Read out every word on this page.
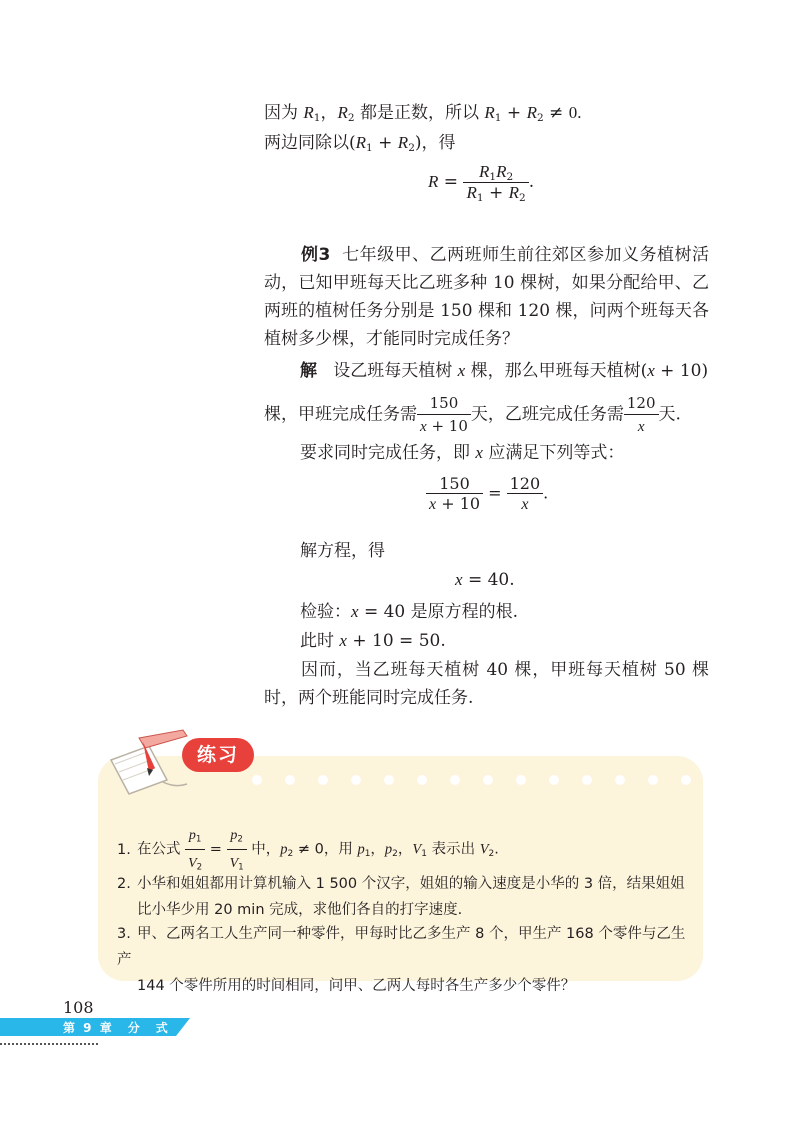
因为 $R_1$，$R_2$ 都是正数，所以 $R_1 + R_2 \ne 0$.
两边同除以$(R_1 + R_2)$，得
$R = \frac{R_1R_2}{R_1 + R_2}$ .
例3  七年级甲、乙两班师生前往郊区参加义务植树活动，已知甲班每天比乙班多种 10 棵树，如果分配给甲、乙两班的植树任务分别是 150 棵和 120 棵，问两个班每天各植树多少棵，才能同时完成任务？
解   设乙班每天植树 x 棵，那么甲班每天植树(x + 10)
棵，甲班完成任务需 $\frac{150}{x + 10}$ 天，乙班完成任务需 $\frac{120}{x}$ 天.
要求同时完成任务，即 x 应满足下列等式：
$\frac{150}{x + 10} = \frac{120}{x}$ .
解方程，得
x = 40.
检验：x = 40 是原方程的根.
此时 x + 10 = 50.
因而，当乙班每天植树 40 棵，甲班每天植树 50 棵时，两个班能同时完成任务.
练习
1. 在公式 $\frac{p_1}{V_2} = \frac{p_2}{V_1}$ 中，$p_2 \ne 0$，用 $p_1$，$p_2$，$V_1$ 表示出 $V_2$.
2. 小华和姐姐都用计算机输入 1 500 个汉字，姐姐的输入速度是小华的 3 倍，结果姐姐
比小华少用 20 min 完成，求他们各自的打字速度.
3. 甲、乙两名工人生产同一种零件，甲每时比乙多生产 8 个，甲生产 168 个零件与乙生产
144 个零件所用的时间相同，问甲、乙两人每时各生产多少个零件？
108
第 9 章　分　式
